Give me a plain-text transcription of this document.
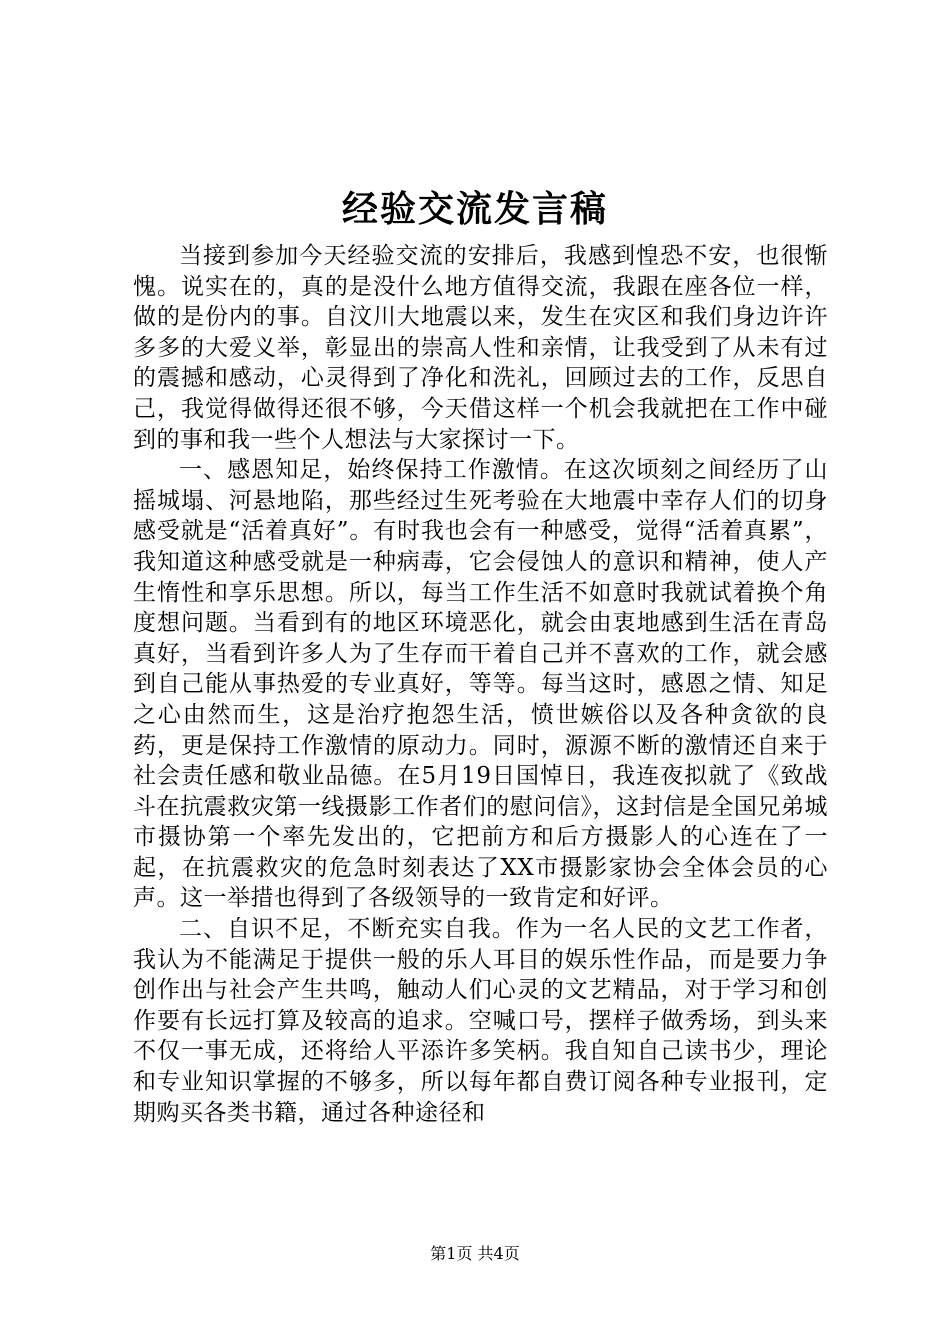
经验交流发言稿

当接到参加今天经验交流的安排后，我感到惶恐不安，也很惭愧。说实在的，真的是没什么地方值得交流，我跟在座各位一样，做的是份内的事。自汶川大地震以来，发生在灾区和我们身边许许多多的大爱义举，彰显出的崇高人性和亲情，让我受到了从未有过的震撼和感动，心灵得到了净化和洗礼，回顾过去的工作，反思自己，我觉得做得还很不够，今天借这样一个机会我就把在工作中碰到的事和我一些个人想法与大家探讨一下。

一、感恩知足，始终保持工作激情。在这次顷刻之间经历了山摇城塌、河悬地陷，那些经过生死考验在大地震中幸存人们的切身感受就是“活着真好”。有时我也会有一种感受，觉得“活着真累”，我知道这种感受就是一种病毒，它会侵蚀人的意识和精神，使人产生惰性和享乐思想。所以，每当工作生活不如意时我就试着换个角度想问题。当看到有的地区环境恶化，就会由衷地感到生活在青岛真好，当看到许多人为了生存而干着自己并不喜欢的工作，就会感到自己能从事热爱的专业真好，等等。每当这时，感恩之情、知足之心由然而生，这是治疗抱怨生活，愤世嫉俗以及各种贪欲的良药，更是保持工作激情的原动力。同时，源源不断的激情还自来于社会责任感和敬业品德。在5月19日国悼日，我连夜拟就了《致战斗在抗震救灾第一线摄影工作者们的慰问信》，这封信是全国兄弟城市摄协第一个率先发出的，它把前方和后方摄影人的心连在了一起，在抗震救灾的危急时刻表达了XX市摄影家协会全体会员的心声。这一举措也得到了各级领导的一致肯定和好评。

二、自识不足，不断充实自我。作为一名人民的文艺工作者，我认为不能满足于提供一般的乐人耳目的娱乐性作品，而是要力争创作出与社会产生共鸣，触动人们心灵的文艺精品，对于学习和创作要有长远打算及较高的追求。空喊口号，摆样子做秀场，到头来不仅一事无成，还将给人平添许多笑柄。我自知自己读书少，理论和专业知识掌握的不够多，所以每年都自费订阅各种专业报刊，定期购买各类书籍，通过各种途径和

第1页 共4页
